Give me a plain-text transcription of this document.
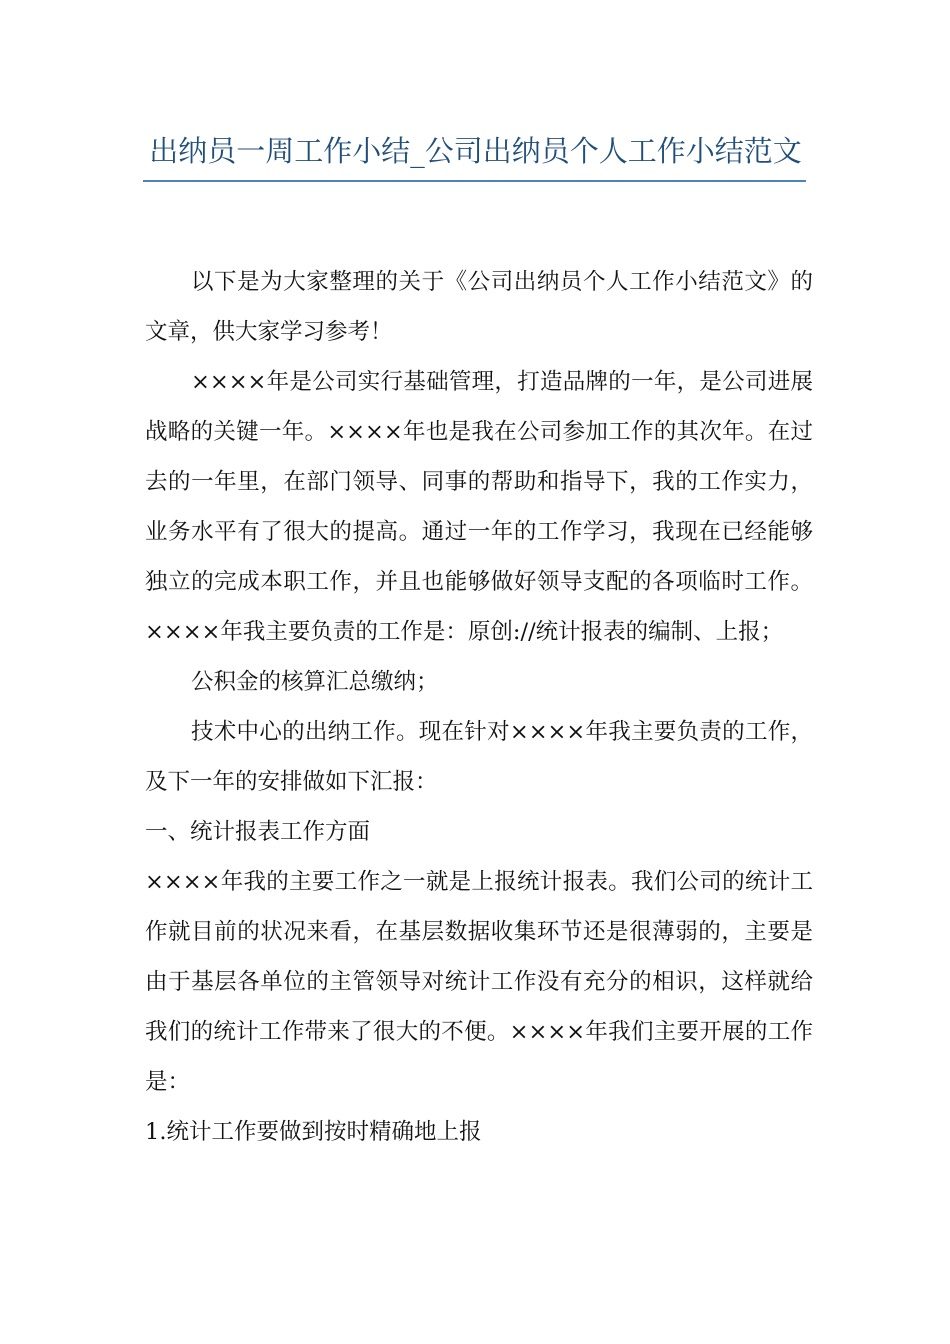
出纳员一周工作小结_公司出纳员个人工作小结范文

以下是为大家整理的关于《公司出纳员个人工作小结范文》的文章，供大家学习参考！

××××年是公司实行基础管理，打造品牌的一年，是公司进展战略的关键一年。××××年也是我在公司参加工作的其次年。在过去的一年里，在部门领导、同事的帮助和指导下，我的工作实力，业务水平有了很大的提高。通过一年的工作学习，我现在已经能够独立的完成本职工作，并且也能够做好领导支配的各项临时工作。××××年我主要负责的工作是：原创://统计报表的编制、上报；

公积金的核算汇总缴纳；

技术中心的出纳工作。现在针对××××年我主要负责的工作，及下一年的安排做如下汇报：

一、统计报表工作方面

××××年我的主要工作之一就是上报统计报表。我们公司的统计工作就目前的状况来看，在基层数据收集环节还是很薄弱的，主要是由于基层各单位的主管领导对统计工作没有充分的相识，这样就给我们的统计工作带来了很大的不便。××××年我们主要开展的工作是：

1.统计工作要做到按时精确地上报
